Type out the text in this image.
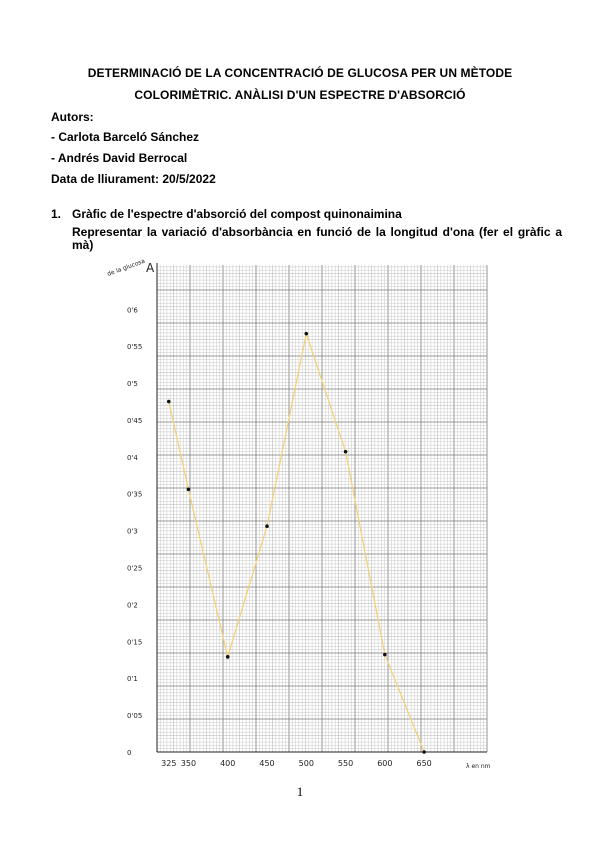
DETERMINACIÓ DE LA CONCENTRACIÓ DE GLUCOSA PER UN MÈTODE
COLORIMÈTRIC. ANÀLISI D'UN ESPECTRE D'ABSORCIÓ
Autors:
- Carlota Barceló Sánchez
- Andrés David Berrocal
Data de lliurament: 20/5/2022
1. Gràfic de l'espectre d'absorció del compost quinonaimina
Representar la variació d'absorbància en funció de la longitud d'ona (fer el gràfic a mà)
0
0'05
0'1
0'15
0'2
0'25
0'3
0'35
0'4
0'45
0'5
0'55
0'6
325 350	400	450	500	550	600	650
A
de la glucosa
λ en nm
1
